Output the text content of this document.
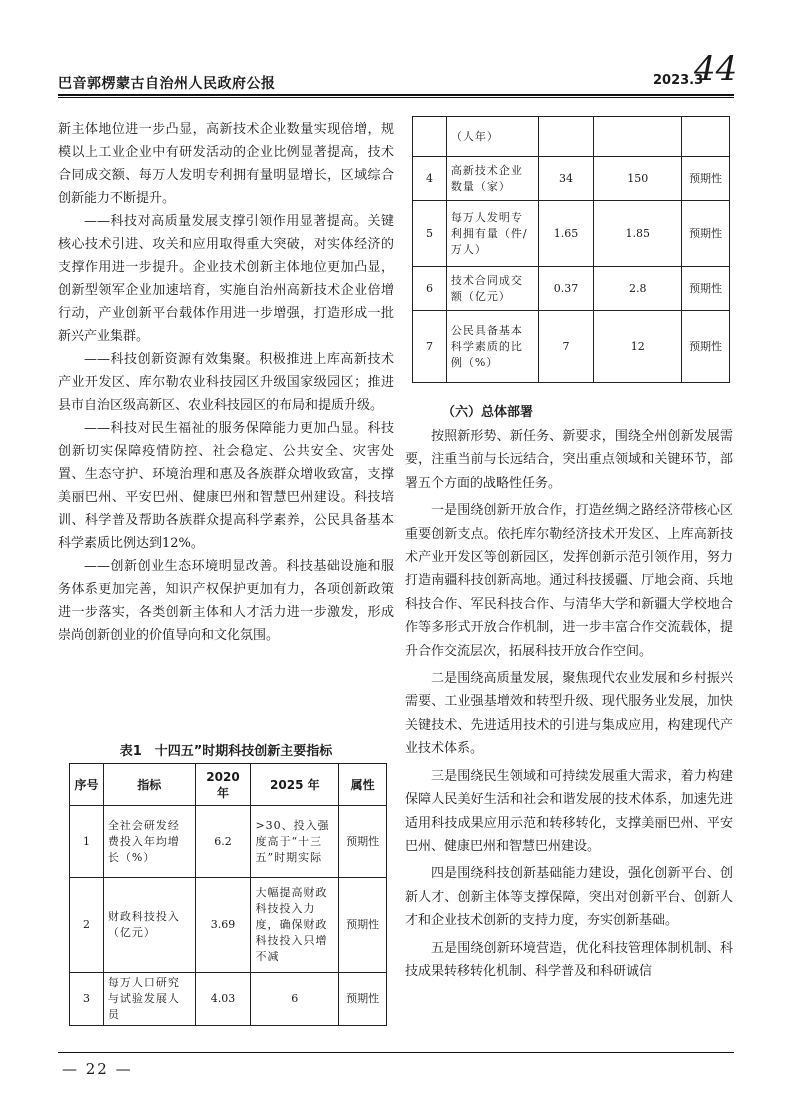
巴音郭楞蒙古自治州人民政府公报	2023.3
44

新主体地位进一步凸显，高新技术企业数量实现倍增，规模以上工业企业中有研发活动的企业比例显著提高，技术合同成交额、每万人发明专利拥有量明显增长，区域综合创新能力不断提升。

——科技对高质量发展支撑引领作用显著提高。关键核心技术引进、攻关和应用取得重大突破，对实体经济的支撑作用进一步提升。企业技术创新主体地位更加凸显，创新型领军企业加速培育，实施自治州高新技术企业倍增行动，产业创新平台载体作用进一步增强，打造形成一批新兴产业集群。

——科技创新资源有效集聚。积极推进上库高新技术产业开发区、库尔勒农业科技园区升级国家级园区；推进县市自治区级高新区、农业科技园区的布局和提质升级。

——科技对民生福祉的服务保障能力更加凸显。科技创新切实保障疫情防控、社会稳定、公共安全、灾害处置、生态守护、环境治理和惠及各族群众增收致富，支撑美丽巴州、平安巴州、健康巴州和智慧巴州建设。科技培训、科学普及帮助各族群众提高科学素养，公民具备基本科学素质比例达到12%。

——创新创业生态环境明显改善。科技基础设施和服务体系更加完善，知识产权保护更加有力，各项创新政策进一步落实，各类创新主体和人才活力进一步激发，形成崇尚创新创业的价值导向和文化氛围。

表1　十四五”时期科技创新主要指标
序号	指标	2020 年	2025 年	属性
1	全社会研发经费投入年均增长（%）	6.2	>30、投入强度高于“十三五”时期实际	预期性
2	财政科技投入（亿元）	3.69	大幅提高财政科技投入力度，确保财政科技投入只增不减	预期性
3	每万人口研究与试验发展人员	4.03	6	预期性
	（人年）			
4	高新技术企业数量（家）	34	150	预期性
5	每万人发明专利拥有量（件/万人）	1.65	1.85	预期性
6	技术合同成交额（亿元）	0.37	2.8	预期性
7	公民具备基本科学素质的比例（%）	7	12	预期性
（六）总体部署

按照新形势、新任务、新要求，围绕全州创新发展需要，注重当前与长远结合，突出重点领域和关键环节，部署五个方面的战略性任务。

一是围绕创新开放合作，打造丝绸之路经济带核心区重要创新支点。依托库尔勒经济技术开发区、上库高新技术产业开发区等创新园区，发挥创新示范引领作用，努力打造南疆科技创新高地。通过科技援疆、厅地会商、兵地科技合作、军民科技合作、与清华大学和新疆大学校地合作等多形式开放合作机制，进一步丰富合作交流载体，提升合作交流层次，拓展科技开放合作空间。

二是围绕高质量发展，聚焦现代农业发展和乡村振兴需要、工业强基增效和转型升级、现代服务业发展，加快关键技术、先进适用技术的引进与集成应用，构建现代产业技术体系。

三是围绕民生领域和可持续发展重大需求，着力构建保障人民美好生活和社会和谐发展的技术体系，加速先进适用科技成果应用示范和转移转化，支撑美丽巴州、平安巴州、健康巴州和智慧巴州建设。

四是围绕科技创新基础能力建设，强化创新平台、创新人才、创新主体等支撑保障，突出对创新平台、创新人才和企业技术创新的支持力度，夯实创新基础。

五是围绕创新环境营造，优化科技管理体制机制、科技成果转移转化机制、科学普及和科研诚信

— 22 —
